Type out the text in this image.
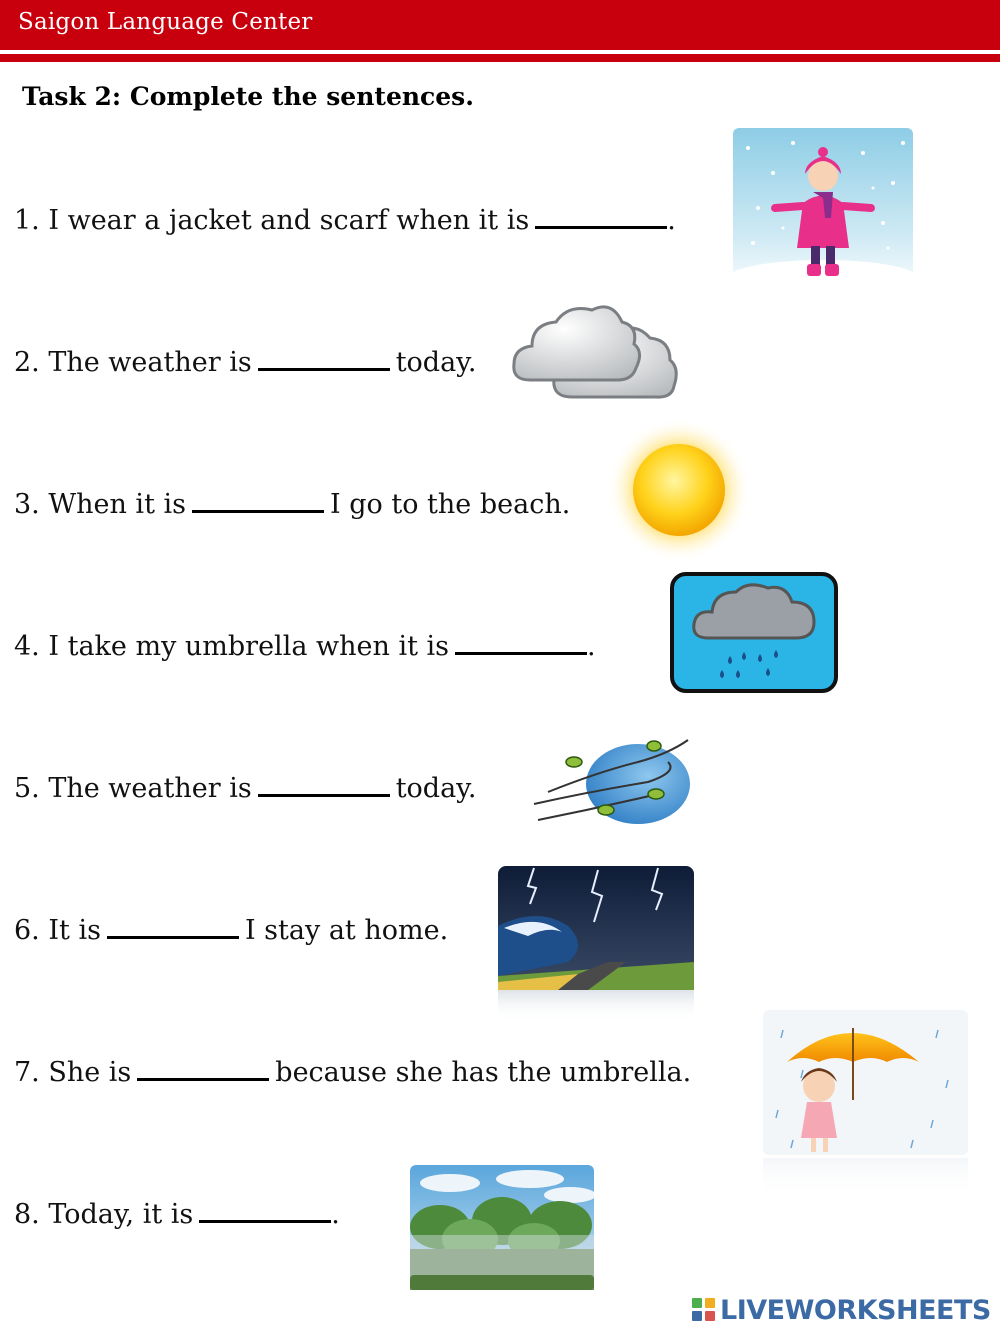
Saigon Language Center
Task 2: Complete the sentences.
1. I wear a jacket and scarf when it is	.
2. The weather is	today.
3. When it is	I go to the beach.
4. I take my umbrella when it is	.
5. The weather is	today.
6. It is	I stay at home.
7. She is	because she has the umbrella.
8. Today, it is	.
LIVEWORKSHEETS
